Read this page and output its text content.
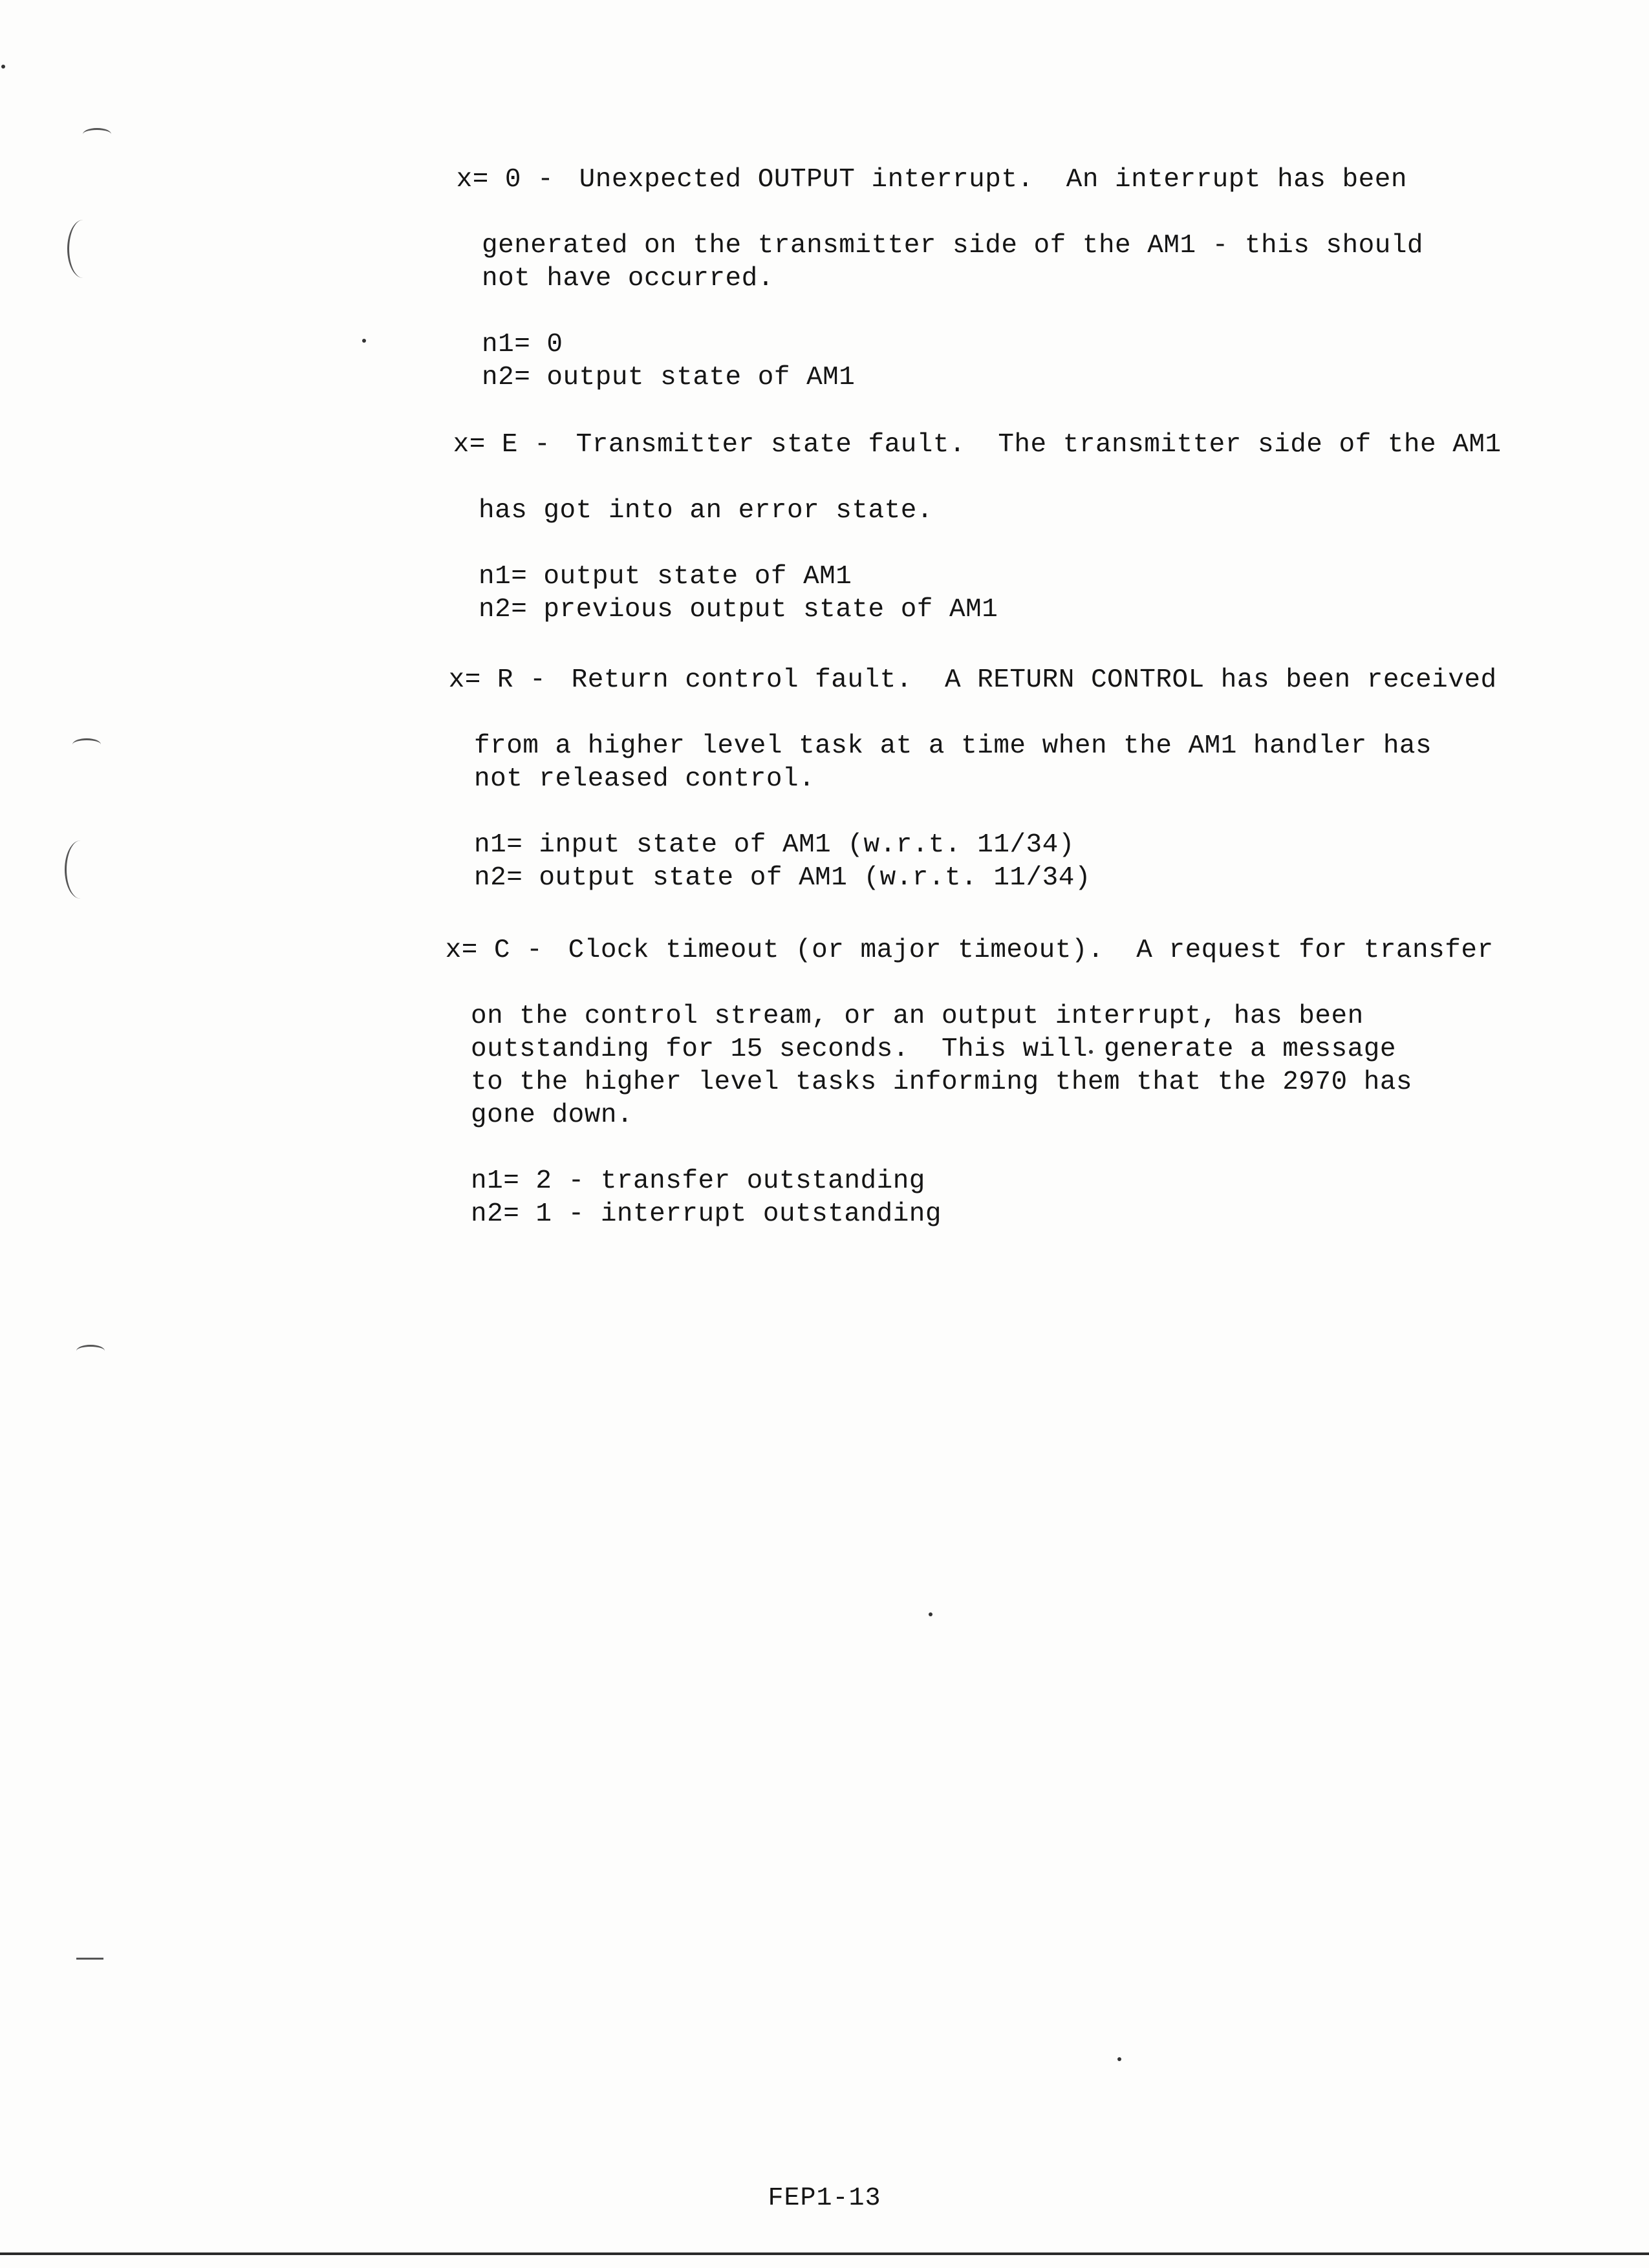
x= 0 - Unexpected OUTPUT interrupt.  An interrupt has been

generated on the transmitter side of the AM1 - this should
not have occurred.
n1= 0
n2= output state of AM1

x= E - Transmitter state fault.  The transmitter side of the AM1

has got into an error state.
n1= output state of AM1
n2= previous output state of AM1

x= R - Return control fault.  A RETURN CONTROL has been received

from a higher level task at a time when the AM1 handler has
not released control.
n1= input state of AM1 (w.r.t. 11/34)
n2= output state of AM1 (w.r.t. 11/34)

x= C - Clock timeout (or major timeout).  A request for transfer

on the control stream, or an output interrupt, has been
outstanding for 15 seconds.  This will generate a message
to the higher level tasks informing them that the 2970 has
gone down.
n1= 2 - transfer outstanding
n2= 1 - interrupt outstanding
FEP1-13
